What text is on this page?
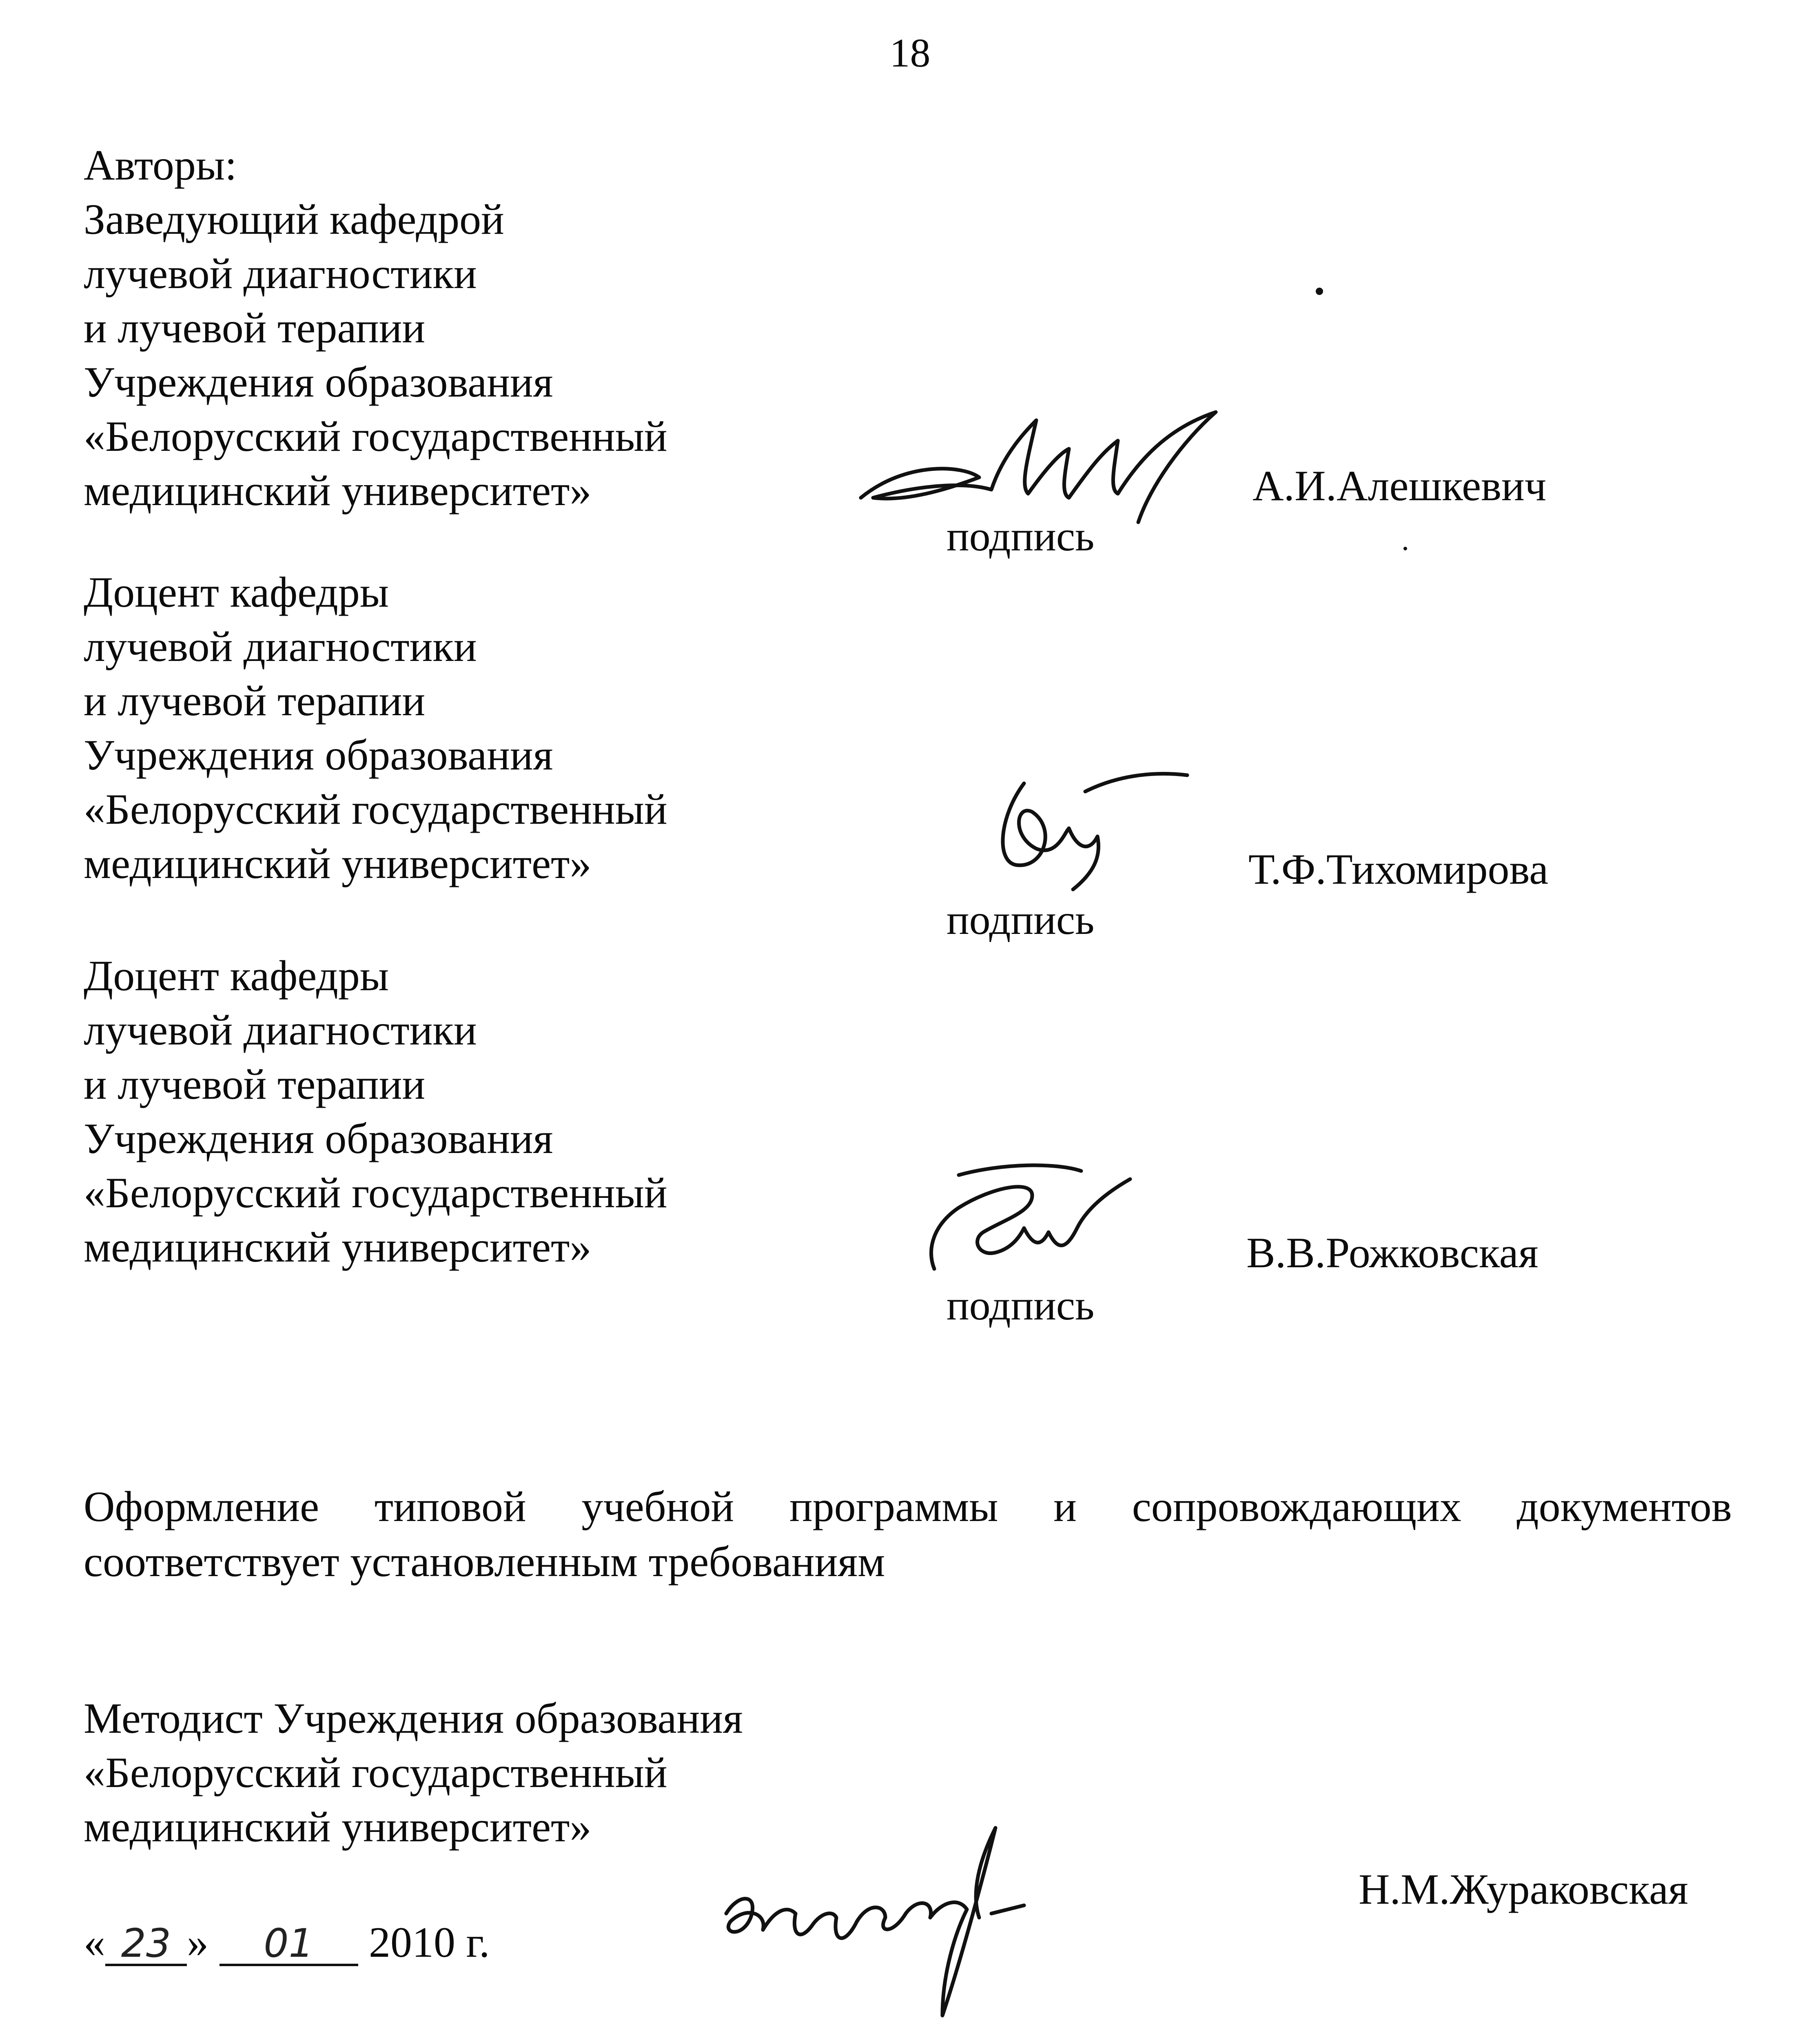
18
Авторы:
Заведующий кафедрой
лучевой диагностики
и лучевой терапии
Учреждения образования
«Белорусский государственный
медицинский университет»
подпись
А.И.Алешкевич
Доцент кафедры
лучевой диагностики
и лучевой терапии
Учреждения образования
«Белорусский государственный
медицинский университет»
подпись
Т.Ф.Тихомирова
Доцент кафедры
лучевой диагностики
и лучевой терапии
Учреждения образования
«Белорусский государственный
медицинский университет»
подпись
В.В.Рожковская
Оформление типовой учебной программы и сопровождающих документов
соответствует установленным требованиям
Методист Учреждения образования
«Белорусский государственный
медицинский университет»
« 23 » 01 2010 г.
Н.М.Жураковская
